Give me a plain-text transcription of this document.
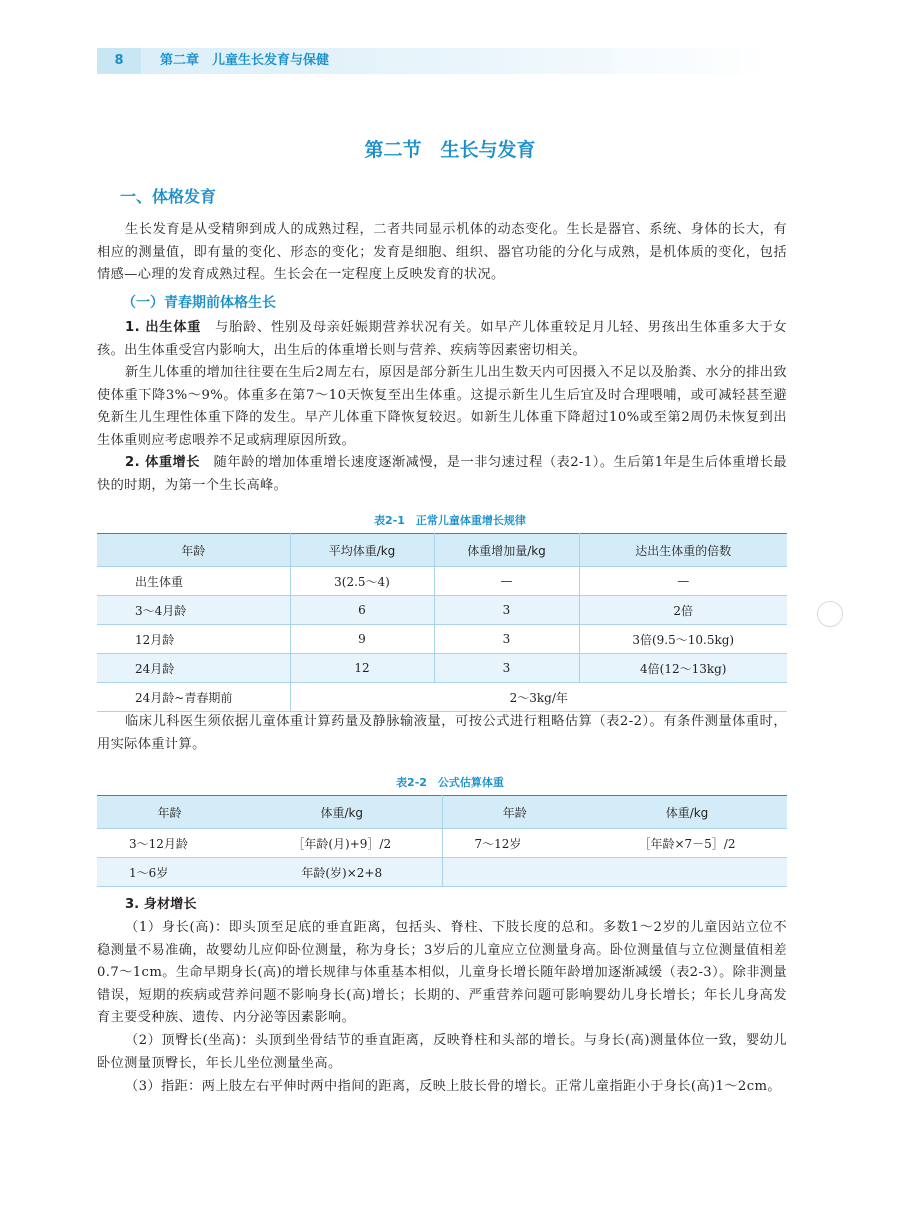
8	第二章　儿童生长发育与保健
第二节　生长与发育
一、体格发育

生长发育是从受精卵到成人的成熟过程，二者共同显示机体的动态变化。生长是器官、系统、身体的长大，有相应的测量值，即有量的变化、形态的变化；发育是细胞、组织、器官功能的分化与成熟，是机体质的变化，包括情感—心理的发育成熟过程。生长会在一定程度上反映发育的状况。

（一）青春期前体格生长

1. 出生体重　与胎龄、性别及母亲妊娠期营养状况有关。如早产儿体重较足月儿轻、男孩出生体重多大于女孩。出生体重受宫内影响大，出生后的体重增长则与营养、疾病等因素密切相关。

新生儿体重的增加往往要在生后2周左右，原因是部分新生儿出生数天内可因摄入不足以及胎粪、水分的排出致使体重下降3%～9%。体重多在第7～10天恢复至出生体重。这提示新生儿生后宜及时合理喂哺，或可减轻甚至避免新生儿生理性体重下降的发生。早产儿体重下降恢复较迟。如新生儿体重下降超过10%或至第2周仍未恢复到出生体重则应考虑喂养不足或病理原因所致。

2. 体重增长　随年龄的增加体重增长速度逐渐减慢，是一非匀速过程（表2-1）。生后第1年是生后体重增长最快的时期，为第一个生长高峰。

表2-1　正常儿童体重增长规律
年龄	平均体重/kg	体重增加量/kg	达出生体重的倍数
出生体重	3(2.5～4)	—	—
3～4月龄	6	3	2倍
12月龄	9	3	3倍(9.5～10.5kg)
24月龄	12	3	4倍(12～13kg)
24月龄~青春期前	2～3kg/年		

临床儿科医生须依据儿童体重计算药量及静脉输液量，可按公式进行粗略估算（表2-2）。有条件测量体重时，用实际体重计算。

表2-2　公式估算体重
年龄	体重/kg	年龄	体重/kg
3～12月龄	［年龄(月)+9］/2	7～12岁	［年龄×7－5］/2
1～6岁	年龄(岁)×2+8		
3. 身材增长

（1）身长(高)：即头顶至足底的垂直距离，包括头、脊柱、下肢长度的总和。多数1～2岁的儿童因站立位不稳测量不易准确，故婴幼儿应仰卧位测量，称为身长；3岁后的儿童应立位测量身高。卧位测量值与立位测量值相差0.7～1cm。生命早期身长(高)的增长规律与体重基本相似，儿童身长增长随年龄增加逐渐减缓（表2-3）。除非测量错误，短期的疾病或营养问题不影响身长(高)增长；长期的、严重营养问题可影响婴幼儿身长增长；年长儿身高发育主要受种族、遗传、内分泌等因素影响。

（2）顶臀长(坐高)：头顶到坐骨结节的垂直距离，反映脊柱和头部的增长。与身长(高)测量体位一致，婴幼儿卧位测量顶臀长，年长儿坐位测量坐高。

（3）指距：两上肢左右平伸时两中指间的距离，反映上肢长骨的增长。正常儿童指距小于身长(高)1～2cm。
